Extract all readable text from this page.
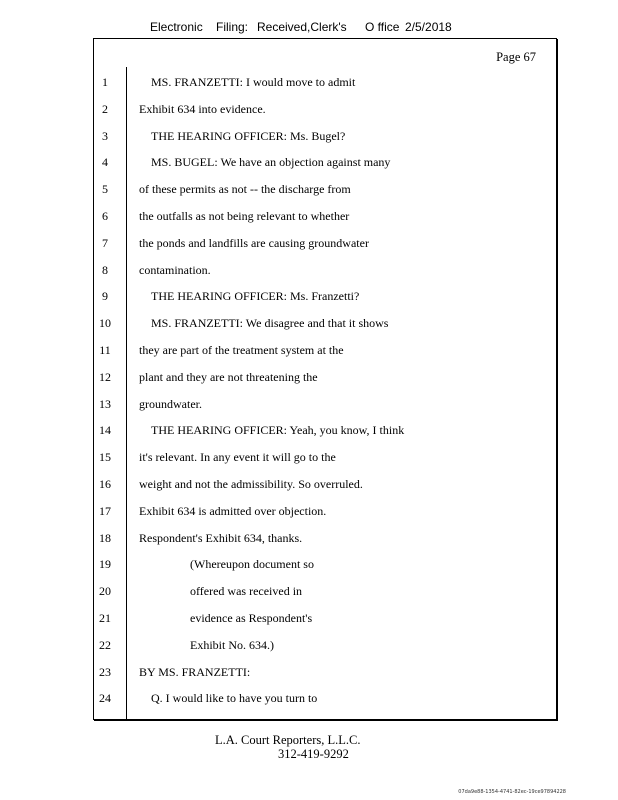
Electronic Filing: Received,Clerk's O ffice 2/5/2018
Page 67
1	MS. FRANZETTI: I would move to admit
2	Exhibit 634 into evidence.
3	THE HEARING OFFICER: Ms. Bugel?
4	MS. BUGEL: We have an objection against many
5	of these permits as not -- the discharge from
6	the outfalls as not being relevant to whether
7	the ponds and landfills are causing groundwater
8	contamination.
9	THE HEARING OFFICER: Ms. Franzetti?
10	MS. FRANZETTI: We disagree and that it shows
11	they are part of the treatment system at the
12	plant and they are not threatening the
13	groundwater.
14	THE HEARING OFFICER: Yeah, you know, I think
15	it's relevant. In any event it will go to the
16	weight and not the admissibility. So overruled.
17	Exhibit 634 is admitted over objection.
18	Respondent's Exhibit 634, thanks.
19	(Whereupon document so
20	offered was received in
21	evidence as Respondent's
22	Exhibit No. 634.)
23	BY MS. FRANZETTI:
24	Q. I would like to have you turn to
L.A. Court Reporters, L.L.C.
312-419-9292
07da9e88-1354-4741-82ec-19ce97894228
